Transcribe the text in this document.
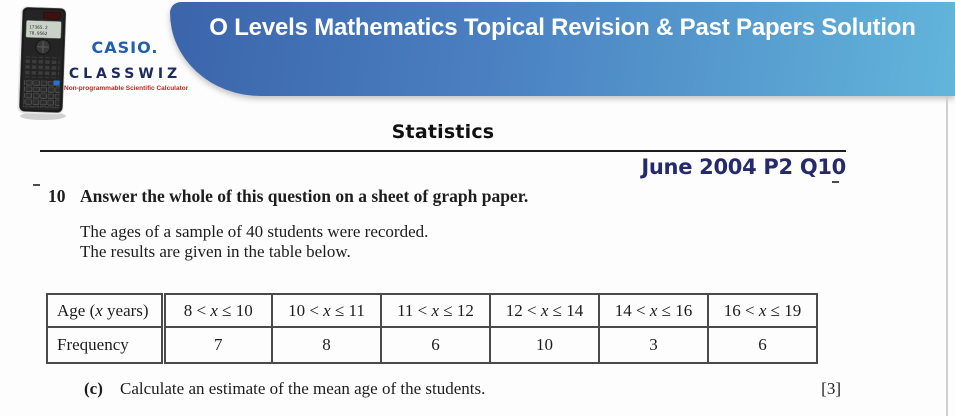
O Levels Mathematics Topical Revision & Past Papers Solution
17365.2
70.9562
CASIO.
CLASSWIZ
Non-programmable Scientific Calculator
Statistics
June 2004 P2 Q10
10 Answer the whole of this question on a sheet of graph paper.
The ages of a sample of 40 students were recorded.
The results are given in the table below.
Age (x years)	8 < x ≤ 10	10 < x ≤ 11	11 < x ≤ 12	12 < x ≤ 14	14 < x ≤ 16	16 < x ≤ 19
Frequency	7	8	6	10	3	6
(c) Calculate an estimate of the mean age of the students.	[3]
